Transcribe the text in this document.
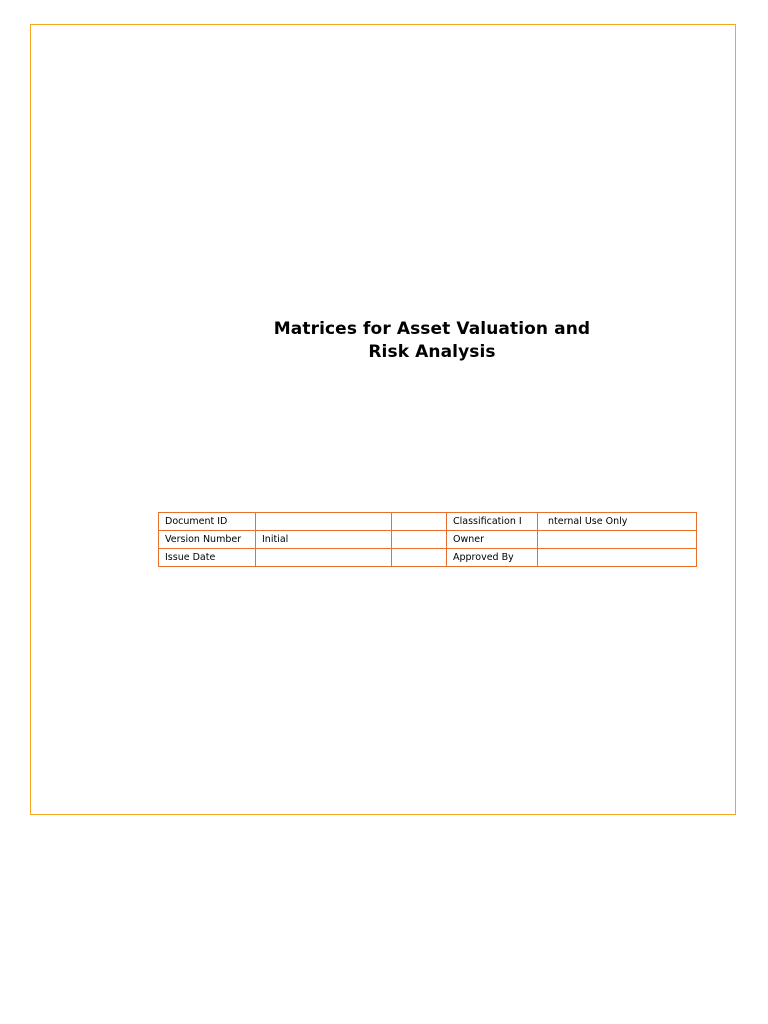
Matrices for Asset Valuation and
Risk Analysis
Document ID			Classification I	nternal Use Only
Version Number	Initial		Owner	
Issue Date			Approved By	
